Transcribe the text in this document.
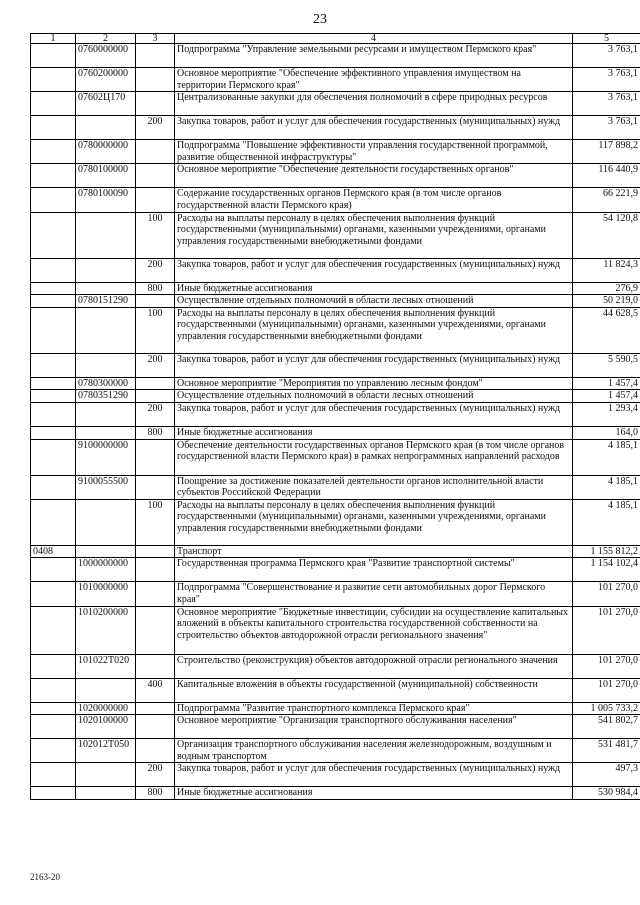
23
1	2	3	4	5
	0760000000		Подпрограмма "Управление земельными ресурсами и имуществом Пермского края"	3 763,1
	0760200000		Основное мероприятие "Обеспечение эффективного управления имуществом на территории Пермского края"	3 763,1
	07602Ц170		Централизованные закупки для обеспечения полномочий в сфере природных ресурсов	3 763,1
		200	Закупка товаров, работ и услуг для обеспечения государственных (муниципальных) нужд	3 763,1
	0780000000		Подпрограмма "Повышение эффективности управления государственной программой, развитие общественной инфраструктуры"	117 898,2
	0780100000		Основное мероприятие "Обеспечение деятельности государственных органов"	116 440,9
	0780100090		Содержание государственных органов Пермского края (в том числе органов государственной власти Пермского края)	66 221,9
		100	Расходы на выплаты персоналу в целях обеспечения выполнения функций государственными (муниципальными) органами, казенными учреждениями, органами управления государственными внебюджетными фондами	54 120,8
		200	Закупка товаров, работ и услуг для обеспечения государственных (муниципальных) нужд	11 824,3
		800	Иные бюджетные ассигнования	276,9
	0780151290		Осуществление отдельных полномочий в области лесных отношений	50 219,0
		100	Расходы на выплаты персоналу в целях обеспечения выполнения функций государственными (муниципальными) органами, казенными учреждениями, органами управления государственными внебюджетными фондами	44 628,5
		200	Закупка товаров, работ и услуг для обеспечения государственных (муниципальных) нужд	5 590,5
	0780300000		Основное мероприятие "Мероприятия по управлению лесным фондом"	1 457,4
	0780351290		Осуществление отдельных полномочий в области лесных отношений	1 457,4
		200	Закупка товаров, работ и услуг для обеспечения государственных (муниципальных) нужд	1 293,4
		800	Иные бюджетные ассигнования	164,0
	9100000000		Обеспечение деятельности государственных органов Пермского края (в том числе органов государственной власти Пермского края) в рамках непрограммных направлений расходов	4 185,1
	9100055500		Поощрение за достижение показателей деятельности органов исполнительной власти субъектов Российской Федерации	4 185,1
		100	Расходы на выплаты персоналу в целях обеспечения выполнения функций государственными (муниципальными) органами, казенными учреждениями, органами управления государственными внебюджетными фондами	4 185,1
0408			Транспорт	1 155 812,2
	1000000000		Государственная программа Пермского края "Развитие транспортной системы"	1 154 102,4
	1010000000		Подпрограмма "Совершенствование и развитие сети автомобильных дорог Пермского края"	101 270,0
	1010200000		Основное мероприятие "Бюджетные инвестиции, субсидии на осуществление капитальных вложений в объекты капитального строительства государственной собственности на строительство объектов автодорожной отрасли регионального значения"	101 270,0
	101022Т020		Строительство (реконструкция) объектов автодорожной отрасли регионального значения	101 270,0
		400	Капитальные вложения в объекты государственной (муниципальной) собственности	101 270,0
	1020000000		Подпрограмма "Развитие транспортного комплекса Пермского края"	1 005 733,2
	1020100000		Основное мероприятие "Организация транспортного обслуживания населения"	541 802,7
	102012Т050		Организация транспортного обслуживания населения железнодорожным, воздушным и водным транспортом	531 481,7
		200	Закупка товаров, работ и услуг для обеспечения государственных (муниципальных) нужд	497,3
		800	Иные бюджетные ассигнования	530 984,4
2163-20
